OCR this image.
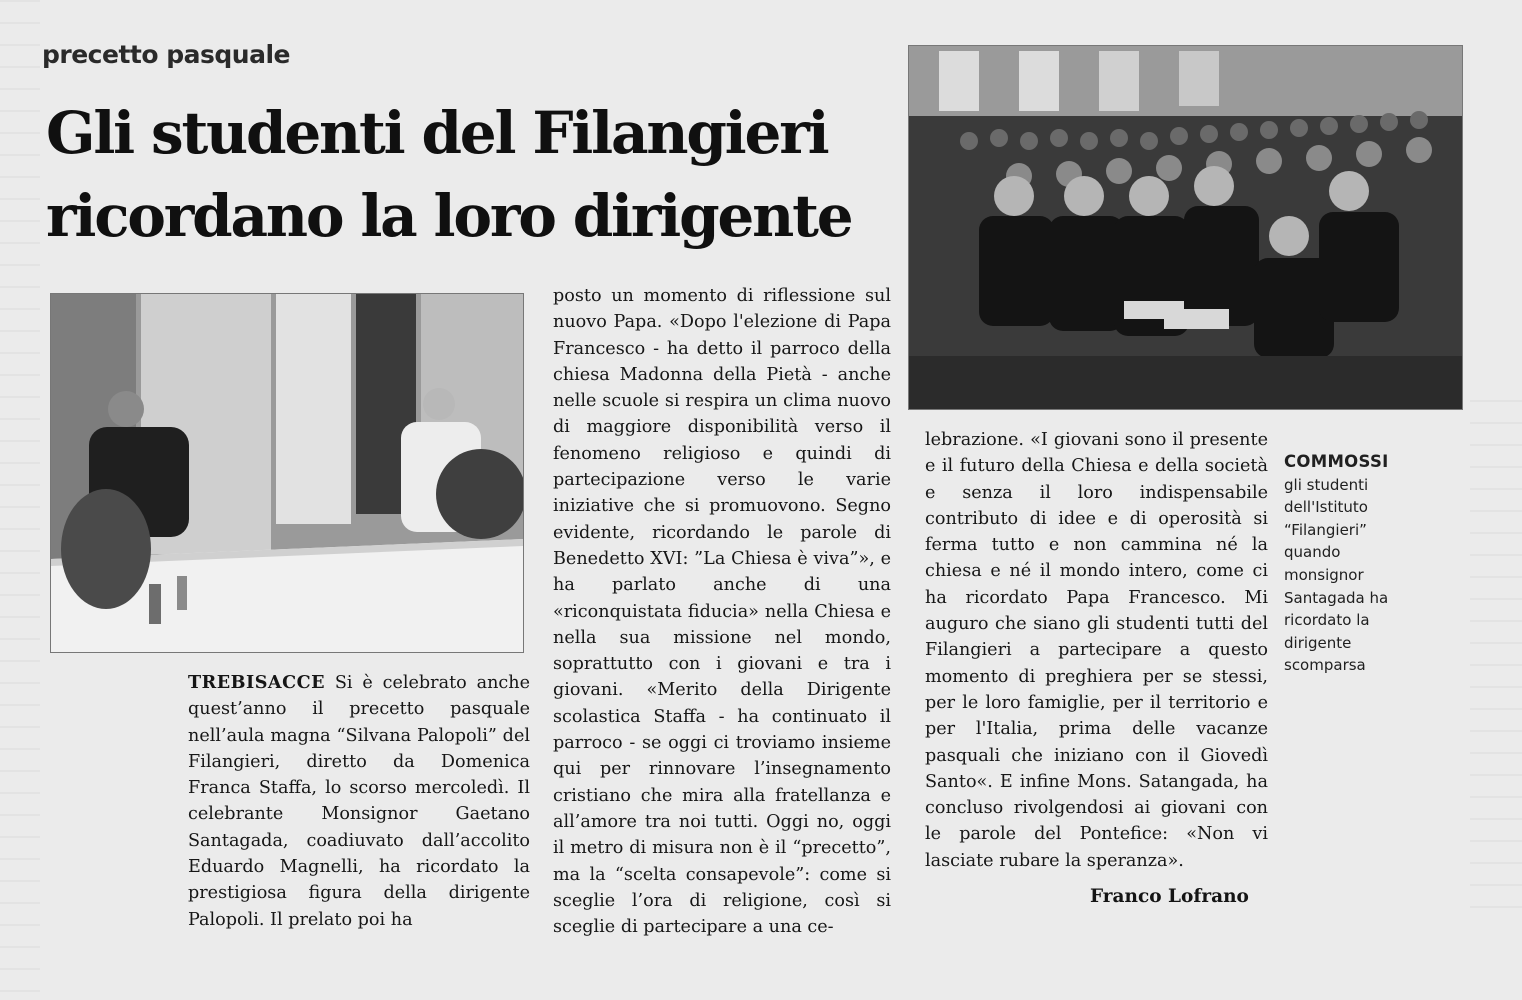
precetto pasquale
Gli studenti del Filangieri ricordano la loro dirigente

TREBISACCE Si è celebrato anche quest’anno il precetto pasquale nell’aula magna “Silvana Palopoli” del Filangieri, diretto da Domenica Franca Staffa, lo scorso mercoledì. Il celebrante Monsignor Gaetano Santagada, coadiuvato dall’accolito Eduardo Magnelli, ha ricordato la prestigiosa figura della dirigente Palopoli. Il prelato poi ha

posto un momento di riflessione sul nuovo Papa. «Dopo l'elezione di Papa Francesco - ha detto il parroco della chiesa Madonna della Pietà - anche nelle scuole si respira un clima nuovo di maggiore disponibilità verso il fenomeno religioso e quindi di partecipazione verso le varie iniziative che si promuovono. Segno evidente, ricordando le parole di Benedetto XVI: ”La Chiesa è viva”», e ha parlato anche di una «riconquistata fiducia» nella Chiesa e nella sua missione nel mondo, soprattutto con i giovani e tra i giovani. «Merito della Dirigente scolastica Staffa - ha continuato il parroco - se oggi ci troviamo insieme qui per rinnovare l’insegnamento cristiano che mira alla fratellanza e all’amore tra noi tutti. Oggi no, oggi il metro di misura non è il “precetto”, ma la “scelta consapevole”: come si sceglie l’ora di religione, così si sceglie di partecipare a una ce-

lebrazione. «I giovani sono il presente e il futuro della Chiesa e della società e senza il loro indispensabile contributo di idee e di operosità si ferma tutto e non cammina né la chiesa e né il mondo intero, come ci ha ricordato Papa Francesco. Mi auguro che siano gli studenti tutti del Filangieri a partecipare a questo momento di preghiera per se stessi, per le loro famiglie, per il territorio e per l'Italia, prima delle vacanze pasquali che iniziano con il Giovedì Santo«. E infine Mons. Satangada, ha concluso rivolgendosi ai giovani con le parole del Pontefice: «Non vi lasciate rubare la speranza».

COMMOSSI
gli studenti dell'Istituto “Filangieri” quando monsignor Santagada ha ricordato la dirigente scomparsa
Franco Lofrano
